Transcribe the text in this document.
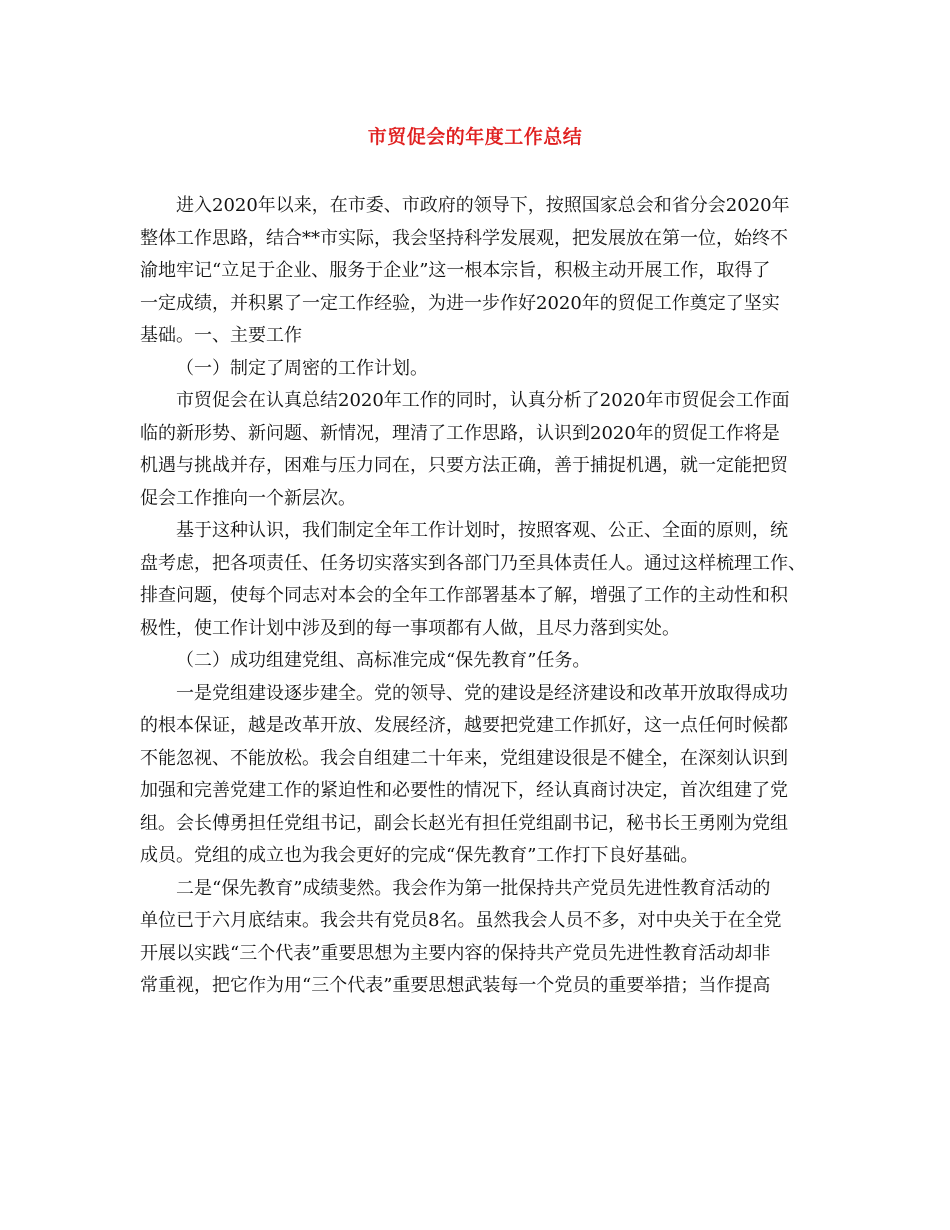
市贸促会的年度工作总结

进入2020年以来，在市委、市政府的领导下，按照国家总会和省分会2020年
整体工作思路，结合**市实际，我会坚持科学发展观，把发展放在第一位，始终不
渝地牢记“立足于企业、服务于企业”这一根本宗旨，积极主动开展工作，取得了
一定成绩，并积累了一定工作经验，为进一步作好2020年的贸促工作奠定了坚实
基础。一、主要工作

（一）制定了周密的工作计划。

市贸促会在认真总结2020年工作的同时，认真分析了2020年市贸促会工作面
临的新形势、新问题、新情况，理清了工作思路，认识到2020年的贸促工作将是
机遇与挑战并存，困难与压力同在，只要方法正确，善于捕捉机遇，就一定能把贸
促会工作推向一个新层次。

基于这种认识，我们制定全年工作计划时，按照客观、公正、全面的原则，统
盘考虑，把各项责任、任务切实落实到各部门乃至具体责任人。通过这样梳理工作、
排查问题，使每个同志对本会的全年工作部署基本了解，增强了工作的主动性和积
极性，使工作计划中涉及到的每一事项都有人做，且尽力落到实处。

（二）成功组建党组、高标准完成“保先教育”任务。

一是党组建设逐步建全。党的领导、党的建设是经济建设和改革开放取得成功
的根本保证，越是改革开放、发展经济，越要把党建工作抓好，这一点任何时候都
不能忽视、不能放松。我会自组建二十年来，党组建设很是不健全，在深刻认识到
加强和完善党建工作的紧迫性和必要性的情况下，经认真商讨决定，首次组建了党
组。会长傅勇担任党组书记，副会长赵光有担任党组副书记，秘书长王勇刚为党组
成员。党组的成立也为我会更好的完成“保先教育”工作打下良好基础。

二是“保先教育”成绩斐然。我会作为第一批保持共产党员先进性教育活动的
单位已于六月底结束。我会共有党员8名。虽然我会人员不多，对中央关于在全党
开展以实践“三个代表”重要思想为主要内容的保持共产党员先进性教育活动却非
常重视，把它作为用“三个代表”重要思想武装每一个党员的重要举措；当作提高
